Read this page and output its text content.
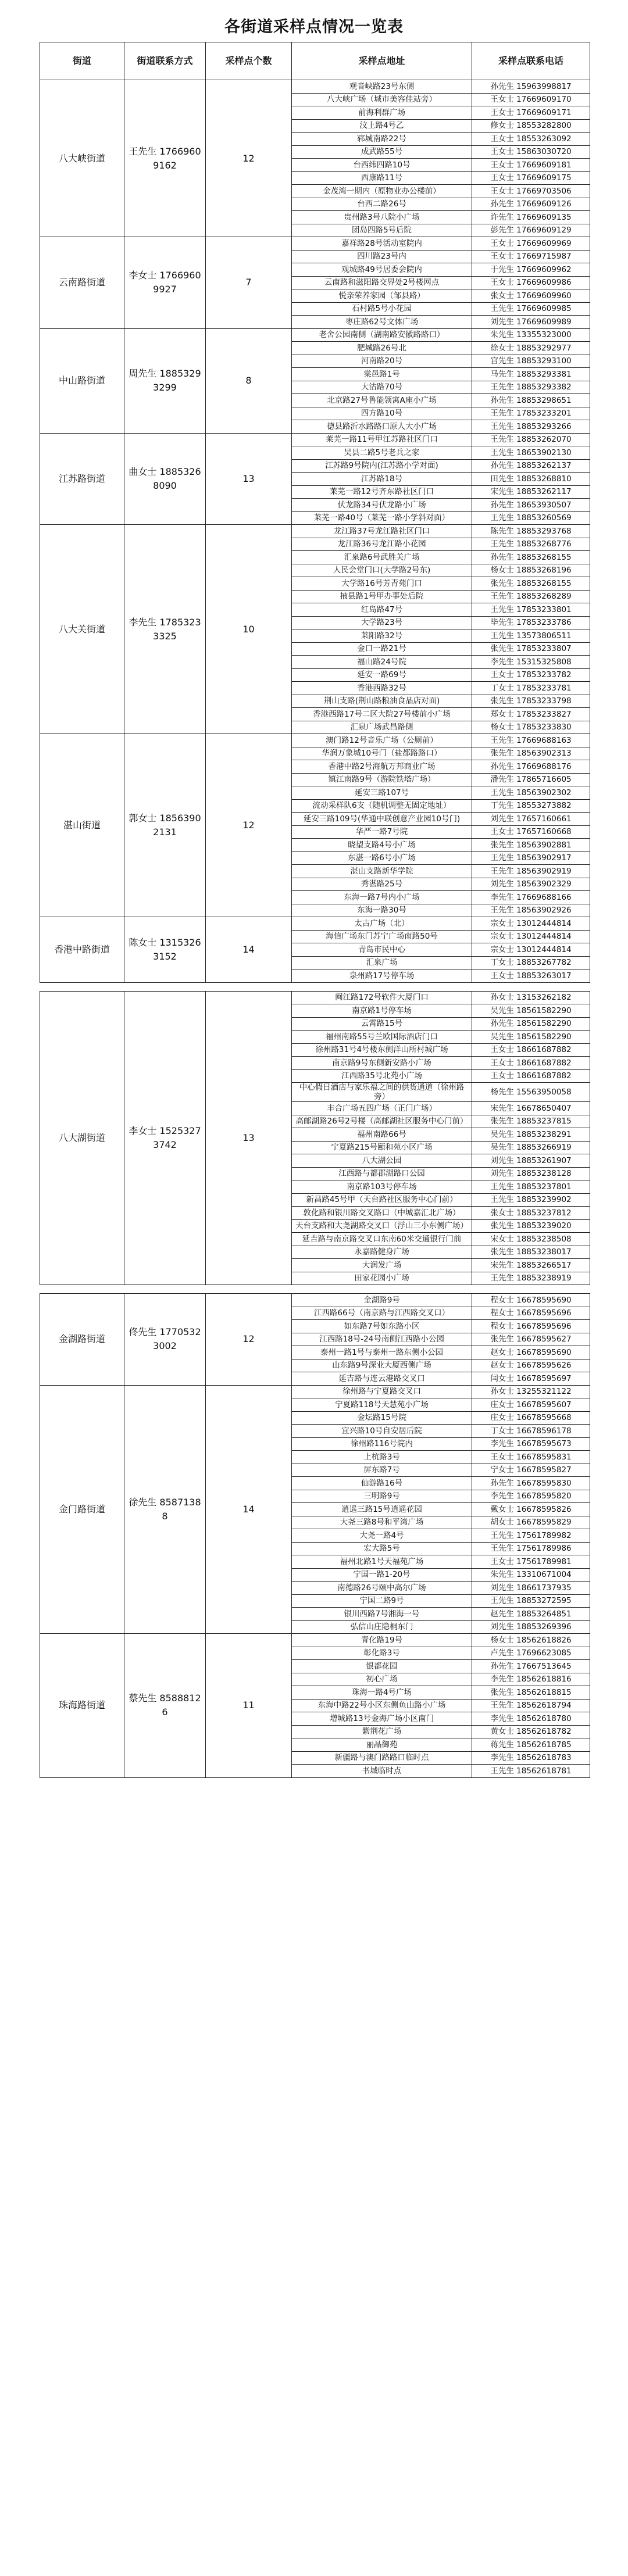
各街道采样点情况一览表
街道	街道联系方式	采样点个数	采样点地址	采样点联系电话
八大峡街道	王先生 17669609162	12	观音峡路23号东侧	孙先生 15963998817
			八大峡广场（城市美容佳站旁）	王女士 17669609170
			前海利群广场	王女士 17669609171
			汶上路4号乙	修女士 18553282800
			郓城南路22号	王女士 18553263092
			成武路55号	王女士 15863030720
			台西纬四路10号	王女士 17669609181
			西康路11号	王女士 17669609175
			金茂湾一期内（原物业办公楼前）	王女士 17669703506
			台西二路26号	孙先生 17669609126
			贵州路3号八院小广场	许先生 17669609135
			团岛四路5号后院	彭先生 17669609129
云南路街道	李女士 17669609927	7	嘉祥路28号活动室院内	王女士 17669609969
			四川路23号内	王女士 17669715987
			观城路49号居委会院内	于先生 17669609962
			云南路和滋阳路交界处2号楼网点	王女士 17669609986
			悦亲荣养家园（邹县路）	张女士 17669609960
			石村路5号小花园	王先生 17669609985
			枣庄路62号文体广场	刘先生 17669609989
中山路街道	周先生 18853293299	8	老舍公园南侧（湖南路安徽路路口）	朱先生 13355323000
			肥城路26号北	徐女士 18853292977
			河南路20号	宫先生 18853293100
			棠邑路1号	马先生 18853293381
			大沽路70号	王先生 18853293382
			北京路27号鲁能领寓A座小广场	孙先生 18853298651
			四方路10号	王先生 17853233201
			德县路沂水路路口原人大小广场	王先生 18853293266
江苏路街道	曲女士 18853268090	13	莱芜一路11号甲江苏路社区门口	王先生 18853262070
			吴县二路5号老兵之家	王先生 18653902130
			江苏路9号院内(江苏路小学对面)	孙先生 18853262137
			江苏路18号	田先生 18853268810
			莱芜一路12号齐东路社区门口	宋先生 18853262117
			伏龙路34号伏龙路小广场	孙先生 18653930507
			莱芜一路40号（莱芜一路小学斜对面）	王先生 18853260569
八大关街道	李先生 17853233325	10	龙江路37号龙江路社区门口	陈先生 18853293768
			龙江路36号龙江路小花园	王先生 18853268776
			汇泉路6号武胜关广场	孙先生 18853268155
			人民会堂门口(大学路2号东)	杨女士 18853268196
			大学路16号芳青苑门口	张先生 18853268155
			掖县路1号甲办事处后院	王先生 18853268289
			红岛路47号	王先生 17853233801
			大学路23号	毕先生 17853233786
			莱阳路32号	王先生 13573806511
			金口一路21号	张先生 17853233807
			福山路24号院	李先生 15315325808
			延安一路69号	王女士 17853233782
			香港西路32号	丁女士 17853233781
			荆山支路(荆山路粮油食品店对面)	张先生 17853233798
			香港西路17号二区大院27号楼前小广场	郑女士 17853233827
			汇泉广场武昌路侧	杨女士 17853233830
湛山街道	郭女士 18563902131	12	澳门路12号音乐广场（公厕前）	王先生 17669688163
			华润万象城10号门（盐都路路口）	张先生 18563902313
			香港中路2号海航万邦商业广场	孙先生 17669688176
			镇江南路9号（游院铁塔广场）	潘先生 17865716605
			延安三路107号	王先生 18563902302
			流动采样队6支（随机调整无固定地址）	丁先生 18553273882
			延安三路109号(华通中联创意产业园10号门)	刘先生 17657160661
			华严一路7号院	王女士 17657160668
			晓望支路4号小广场	张先生 18563902881
			东湛一路6号小广场	王先生 18563902917
			湛山支路新华学院	王先生 18563902919
			秀湛路25号	刘先生 18563902329
			东海一路7号内小广场	李先生 17669688166
			东海一路30号	王先生 18563902926
香港中路街道	陈女士 13153263152	14	太古广场（北）	宗女士 13012444814
			海信广场东门苏宁广场南路50号	宗女士 13012444814
			青岛市民中心	宗女士 13012444814
			汇泉广场	丁女士 18853267782
			泉州路17号停车场	王女士 18853263017

八大湖街道	李女士 15253273742	13	闽江路172号软件大厦门口	孙女士 13153262182
			南京路1号停车场	吴先生 18561582290
			云霄路15号	孙先生 18561582290
			福州南路55号兰欧国际酒店门口	吴先生 18561582290
			徐州路31号4号楼东侧洋山所村城广场	王女士 18661687882
			南京路9号东侧新安路小广场	王女士 18661687882
			江西路35号北苑小广场	王女士 18661687882
			中心假日酒店与家乐福之间的供货通道（徐州路旁）	杨先生 15563950058
			丰合广场五四广场（正门广场）	宋先生 16678650407
			高邮湖路26号2号楼（高邮湖社区服务中心门前）	张先生 18853237815
			福州南路66号	吴先生 18853238291
			宁夏路215号颐和苑小区广场	吴先生 18853266919
			八大湖公园	刘先生 18853261907
			江西路与都郡湖路口公园	刘先生 18853238128
			南京路103号停车场	王先生 18853237801
			新昌路45号甲（天台路社区服务中心门前）	王先生 18853239902
			敦化路和银川路交叉路口（中城嘉汇北广场）	张女士 18853237812
			天台支路和大尧湖路交叉口（浮山三小东侧广场）	张先生 18853239020
			延吉路与南京路交叉口东南60米交通银行门前	宋女士 18853238508
			永嘉路健身广场	张先生 18853238017
			大润发广场	宋先生 18853266517
			田家花园小广场	王先生 18853238919

金湖路街道	佟先生 17705323002	12	金湖路9号	程女士 16678595690
			江西路66号（南京路与江西路交叉口）	程女士 16678595696
			如东路7号如东路小区	程女士 16678595696
			江西路18号-24号南侧江西路小公园	张先生 16678595627
			泰州一路1号与泰州一路东侧小公园	赵女士 16678595690
			山东路9号深业大厦西侧广场	赵女士 16678595626
			延吉路与连云港路交叉口	闫女士 16678595697
金门路街道	徐先生 85871388	14	徐州路与宁夏路交叉口	孙女士 13255321122
			宁夏路118号天慧苑小广场	庄女士 16678595607
			金坛路15号院	庄女士 16678595668
			宜兴路10号自安居后院	丁女士 16678596178
			徐州路116号院内	李先生 16678595673
			上杭路3号	王女士 16678595831
			屏东路7号	宁女士 16678595827
			仙游路16号	孙先生 16678595830
			三明路9号	李先生 16678595820
			逍遥三路15号逍遥花园	戴女士 16678595826
			大尧三路8号和平湾广场	胡女士 16678595829
			大尧一路4号	王先生 17561789982
			宏大路5号	王先生 17561789986
			福州北路1号天福苑广场	王女士 17561789981
			宁国一路1-20号	朱先生 13310671004
			南德路26号颐中高尔广场	刘先生 18661737935
			宁国二路9号	王先生 18853272595
			银川西路7号湘海一号	赵先生 18853264851
			弘信山庄隐桐东门	刘先生 18853269396
珠海路街道	蔡先生 85888126	11	青化路19号	杨女士 18562618826
			彰化路3号	卢先生 17696623085
			银都花园	孙先生 17667513645
			初心广场	李先生 18562618816
			珠海一路4号广场	张先生 18562618815
			东海中路22号小区东侧鱼山路小广场	王先生 18562618794
			增城路13号金海广场小区南门	李先生 18562618780
			紫荆花广场	黄女士 18562618782
			丽晶御苑	蒋先生 18562618785
			新疆路与澳门路路口临时点	李先生 18562618783
			书城临时点	王先生 18562618781
